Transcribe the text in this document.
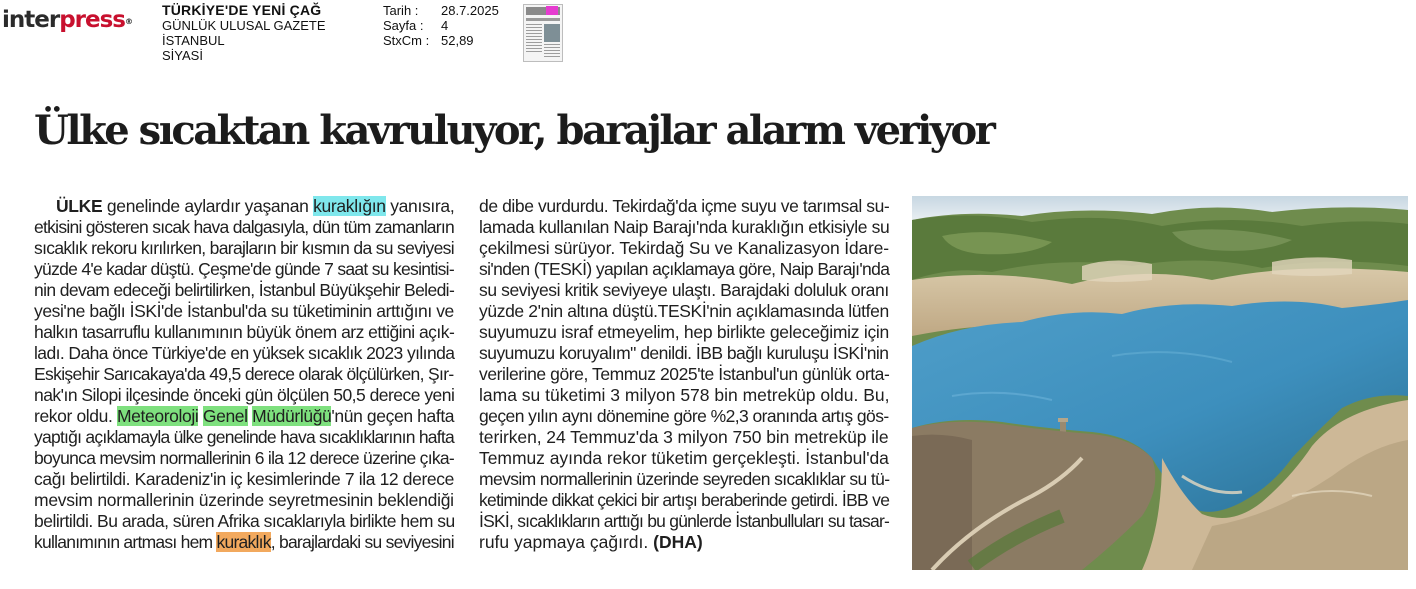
interpress®
TÜRKİYE'DE YENİ ÇAĞ
GÜNLÜK ULUSAL GAZETE
İSTANBUL
SİYASİ
Tarih :	28.7.2025
Sayfa :	4
StxCm : 52,89
Ülke sıcaktan kavruluyor, barajlar alarm veriyor
ÜLKE genelinde aylardır yaşanan kuraklığın yanısıra,
etkisini gösteren sıcak hava dalgasıyla, dün tüm zamanların
sıcaklık rekoru kırılırken, barajların bir kısmın da su seviyesi
yüzde 4'e kadar düştü. Çeşme'de günde 7 saat su kesintisi-
nin devam edeceği belirtilirken, İstanbul Büyükşehir Beledi-
yesi'ne bağlı İSKİ'de İstanbul'da su tüketiminin arttığını ve
halkın tasarruflu kullanımının büyük önem arz ettiğini açık-
ladı. Daha önce Türkiye'de en yüksek sıcaklık 2023 yılında
Eskişehir Sarıcakaya'da 49,5 derece olarak ölçülürken, Şır-
nak'ın Silopi ilçesinde önceki gün ölçülen 50,5 derece yeni
rekor oldu. Meteoroloji Genel Müdürlüğü'nün geçen hafta
yaptığı açıklamayla ülke genelinde hava sıcaklıklarının hafta
boyunca mevsim normallerinin 6 ila 12 derece üzerine çıka-
cağı belirtildi. Karadeniz'in iç kesimlerinde 7 ila 12 derece
mevsim normallerinin üzerinde seyretmesinin beklendiği
belirtildi. Bu arada, süren Afrika sıcaklarıyla birlikte hem su
kullanımının artması hem kuraklık, barajlardaki su seviyesini
de dibe vurdurdu. Tekirdağ'da içme suyu ve tarımsal su-
lamada kullanılan Naip Barajı'nda kuraklığın etkisiyle su
çekilmesi sürüyor. Tekirdağ Su ve Kanalizasyon İdare-
si'nden (TESKİ) yapılan açıklamaya göre, Naip Barajı'nda
su seviyesi kritik seviyeye ulaştı. Barajdaki doluluk oranı
yüzde 2'nin altına düştü.TESKİ'nin açıklamasında lütfen
suyumuzu israf etmeyelim, hep birlikte geleceğimiz için
suyumuzu koruyalım" denildi. İBB bağlı kuruluşu İSKİ'nin
verilerine göre, Temmuz 2025'te İstanbul'un günlük orta-
lama su tüketimi 3 milyon 578 bin metreküp oldu. Bu,
geçen yılın aynı dönemine göre %2,3 oranında artış gös-
terirken, 24 Temmuz'da 3 milyon 750 bin metreküp ile
Temmuz ayında rekor tüketim gerçekleşti. İstanbul'da
mevsim normallerinin üzerinde seyreden sıcaklıklar su tü-
ketiminde dikkat çekici bir artışı beraberinde getirdi. İBB ve
İSKİ, sıcaklıkların arttığı bu günlerde İstanbulluları su tasar-
rufu yapmaya çağırdı. (DHA)
